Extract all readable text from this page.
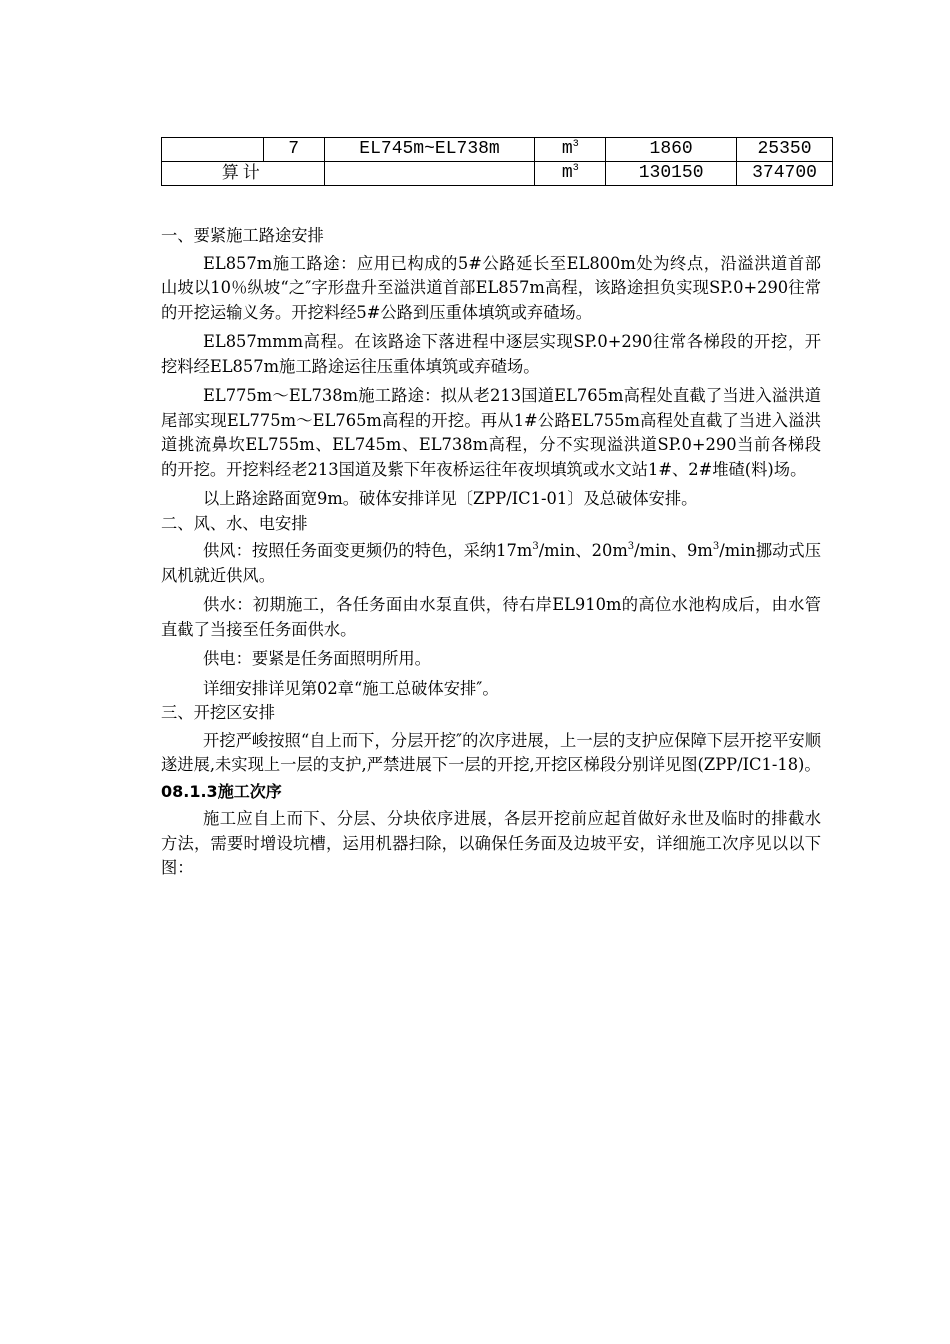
	7	EL745m~EL738m	$m^3$	1860	25350
算计			$m^3$	130150	374700

一、要紧施工路途安排

EL857m施工路途：应用已构成的5#公路延长至EL800m处为终点，沿溢洪道首部山坡以10％纵坡“之″字形盘升至溢洪道首部EL857m高程，该路途担负实现SP.0+290往常的开挖运输义务。开挖料经5#公路到压重体填筑或弃碴场。

EL857mmm高程。在该路途下落进程中逐层实现SP.0+290往常各梯段的开挖，开挖料经EL857m施工路途运往压重体填筑或弃碴场。

EL775m～EL738m施工路途：拟从老213国道EL765m高程处直截了当进入溢洪道尾部实现EL775m～EL765m高程的开挖。再从1#公路EL755m高程处直截了当进入溢洪道挑流鼻坎EL755m、EL745m、EL738m高程，分不实现溢洪道SP.0+290当前各梯段的开挖。开挖料经老213国道及紫下年夜桥运往年夜坝填筑或水文站1#、2#堆碴(料)场。

以上路途路面宽9m。破体安排详见〔ZPP/IC1-01〕及总破体安排。

二、风、水、电安排

供风：按照任务面变更频仍的特色，采纳$17m^3/\min$、$20m^3/\min$、$9m^3/\min$挪动式压风机就近供风。

供水：初期施工，各任务面由水泵直供，待右岸EL910m的高位水池构成后，由水管直截了当接至任务面供水。

供电：要紧是任务面照明所用。

详细安排详见第02章“施工总破体安排″。

三、开挖区安排

开挖严峻按照“自上而下，分层开挖″的次序进展，上一层的支护应保障下层开挖平安顺遂进展,未实现上一层的支护,严禁进展下一层的开挖,开挖区梯段分别详见图(ZPP/IC1-18)。

08.1.3施工次序

施工应自上而下、分层、分块依序进展，各层开挖前应起首做好永世及临时的排截水方法，需要时增设坑槽，运用机器扫除，以确保任务面及边坡平安，详细施工次序见以以下图：
